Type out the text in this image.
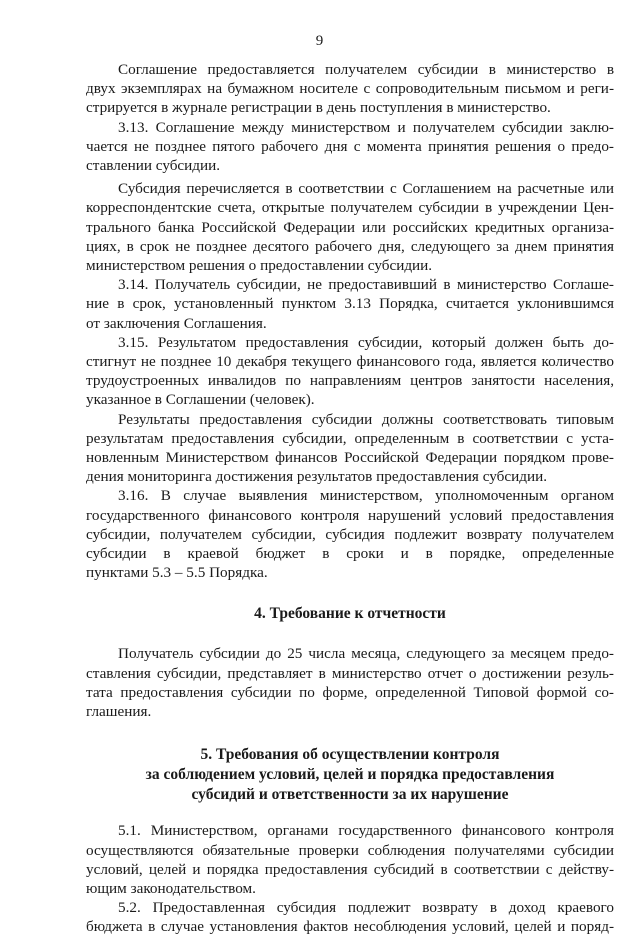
9

Соглашение предоставляется получателем субсидии в министерство в
двух экземплярах на бумажном носителе с сопроводительным письмом и реги-
стрируется в журнале регистрации в день поступления в министерство.

3.13. Соглашение между министерством и получателем субсидии заклю-
чается не позднее пятого рабочего дня с момента принятия решения о предо-
ставлении субсидии.

Субсидия перечисляется в соответствии с Соглашением на расчетные или
корреспондентские счета, открытые получателем субсидии в учреждении Цен-
трального банка Российской Федерации или российских кредитных организа-
циях, в срок не позднее десятого рабочего дня, следующего за днем принятия
министерством решения о предоставлении субсидии.

3.14. Получатель субсидии, не предоставивший в министерство Соглаше-
ние в срок, установленный пунктом 3.13 Порядка, считается уклонившимся
от заключения Соглашения.

3.15. Результатом предоставления субсидии, который должен быть до-
стигнут не позднее 10 декабря текущего финансового года, является количество
трудоустроенных инвалидов по направлениям центров занятости населения,
указанное в Соглашении (человек).

Результаты предоставления субсидии должны соответствовать типовым
результатам предоставления субсидии, определенным в соответствии с уста-
новленным Министерством финансов Российской Федерации порядком прове-
дения мониторинга достижения результатов предоставления субсидии.

3.16. В случае выявления министерством, уполномоченным органом
государственного финансового контроля нарушений условий предоставления
субсидии, получателем субсидии, субсидия подлежит возврату получателем
субсидии в краевой бюджет в сроки и в порядке, определенные
пунктами 5.3 – 5.5 Порядка.

4. Требование к отчетности

Получатель субсидии до 25 числа месяца, следующего за месяцем предо-
ставления субсидии, представляет в министерство отчет о достижении резуль-
тата предоставления субсидии по форме, определенной Типовой формой со-
глашения.

5. Требования об осуществлении контроля
за соблюдением условий, целей и порядка предоставления
субсидий и ответственности за их нарушение

5.1. Министерством, органами государственного финансового контроля
осуществляются обязательные проверки соблюдения получателями субсидии
условий, целей и порядка предоставления субсидий в соответствии с действу-
ющим законодательством.

5.2. Предоставленная субсидия подлежит возврату в доход краевого
бюджета в случае установления фактов несоблюдения условий, целей и поряд-
